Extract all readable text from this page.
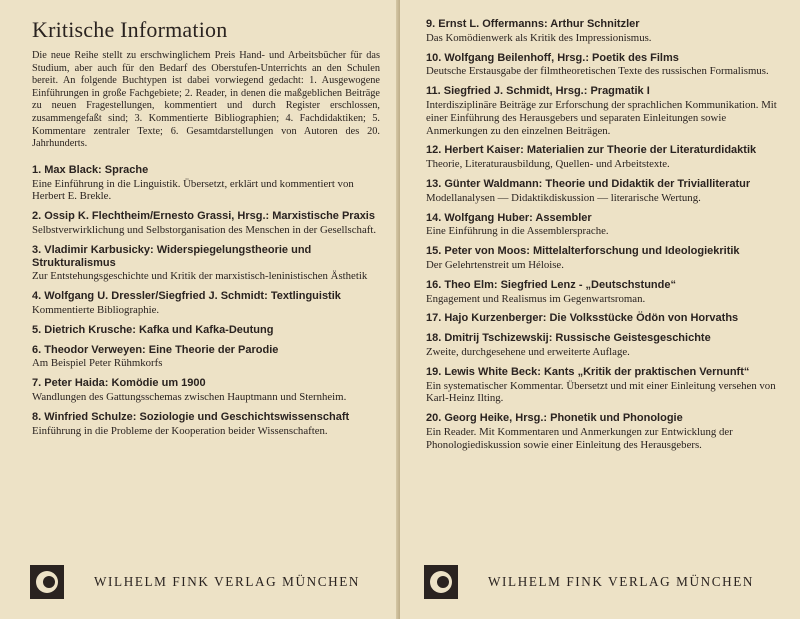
Kritische Information

Die neue Reihe stellt zu erschwinglichem Preis Hand- und Arbeitsbücher für das Studium, aber auch für den Bedarf des Oberstufen-Unterrichts an den Schulen bereit. An folgende Buchtypen ist dabei vorwiegend gedacht: 1. Ausgewogene Einführungen in große Fachgebiete; 2. Reader, in denen die maßgeblichen Beiträge zu neuen Fragestellungen, kommentiert und durch Register erschlossen, zusammengefaßt sind; 3. Kommentierte Bibliographien; 4. Fachdidaktiken; 5. Kommentare zentraler Texte; 6. Gesamtdarstellungen von Autoren des 20. Jahrhunderts.

1. Max Black: Sprache
Eine Einführung in die Linguistik. Übersetzt, erklärt und kommentiert von Herbert E. Brekle.
2. Ossip K. Flechtheim/Ernesto Grassi, Hrsg.: Marxistische Praxis
Selbstverwirklichung und Selbstorganisation des Menschen in der Gesellschaft.
3. Vladimir Karbusicky: Widerspiegelungstheorie und Strukturalismus
Zur Entstehungsgeschichte und Kritik der marxistisch-leninistischen Ästhetik
4. Wolfgang U. Dressler/Siegfried J. Schmidt: Textlinguistik
Kommentierte Bibliographie.
5. Dietrich Krusche: Kafka und Kafka-Deutung
6. Theodor Verweyen: Eine Theorie der Parodie
Am Beispiel Peter Rühmkorfs
7. Peter Haida: Komödie um 1900
Wandlungen des Gattungsschemas zwischen Hauptmann und Sternheim.
8. Winfried Schulze: Soziologie und Geschichtswissenschaft
Einführung in die Probleme der Kooperation beider Wissenschaften.
WILHELM FINK VERLAG MÜNCHEN
9. Ernst L. Offermanns: Arthur Schnitzler
Das Komödienwerk als Kritik des Impressionismus.
10. Wolfgang Beilenhoff, Hrsg.: Poetik des Films
Deutsche Erstausgabe der filmtheoretischen Texte des russischen Formalismus.
11. Siegfried J. Schmidt, Hrsg.: Pragmatik I
Interdisziplinäre Beiträge zur Erforschung der sprachlichen Kommunikation. Mit einer Einführung des Herausgebers und separaten Einleitungen sowie Anmerkungen zu den einzelnen Beiträgen.
12. Herbert Kaiser: Materialien zur Theorie der Literaturdidaktik
Theorie, Literaturausbildung, Quellen- und Arbeitstexte.
13. Günter Waldmann: Theorie und Didaktik der Trivialliteratur
Modellanalysen — Didaktikdiskussion — literarische Wertung.
14. Wolfgang Huber: Assembler
Eine Einführung in die Assemblersprache.
15. Peter von Moos: Mittelalterforschung und Ideologiekritik
Der Gelehrtenstreit um Héloise.
16. Theo Elm: Siegfried Lenz - „Deutschstunde“
Engagement und Realismus im Gegenwartsroman.
17. Hajo Kurzenberger: Die Volksstücke Ödön von Horvaths
18. Dmitrij Tschizewskij: Russische Geistesgeschichte
Zweite, durchgesehene und erweiterte Auflage.
19. Lewis White Beck: Kants „Kritik der praktischen Vernunft“
Ein systematischer Kommentar. Übersetzt und mit einer Einleitung versehen von Karl-Heinz Ilting.
20. Georg Heike, Hrsg.: Phonetik und Phonologie
Ein Reader. Mit Kommentaren und Anmerkungen zur Entwicklung der Phonologiediskussion sowie einer Einleitung des Herausgebers.
WILHELM FINK VERLAG MÜNCHEN
